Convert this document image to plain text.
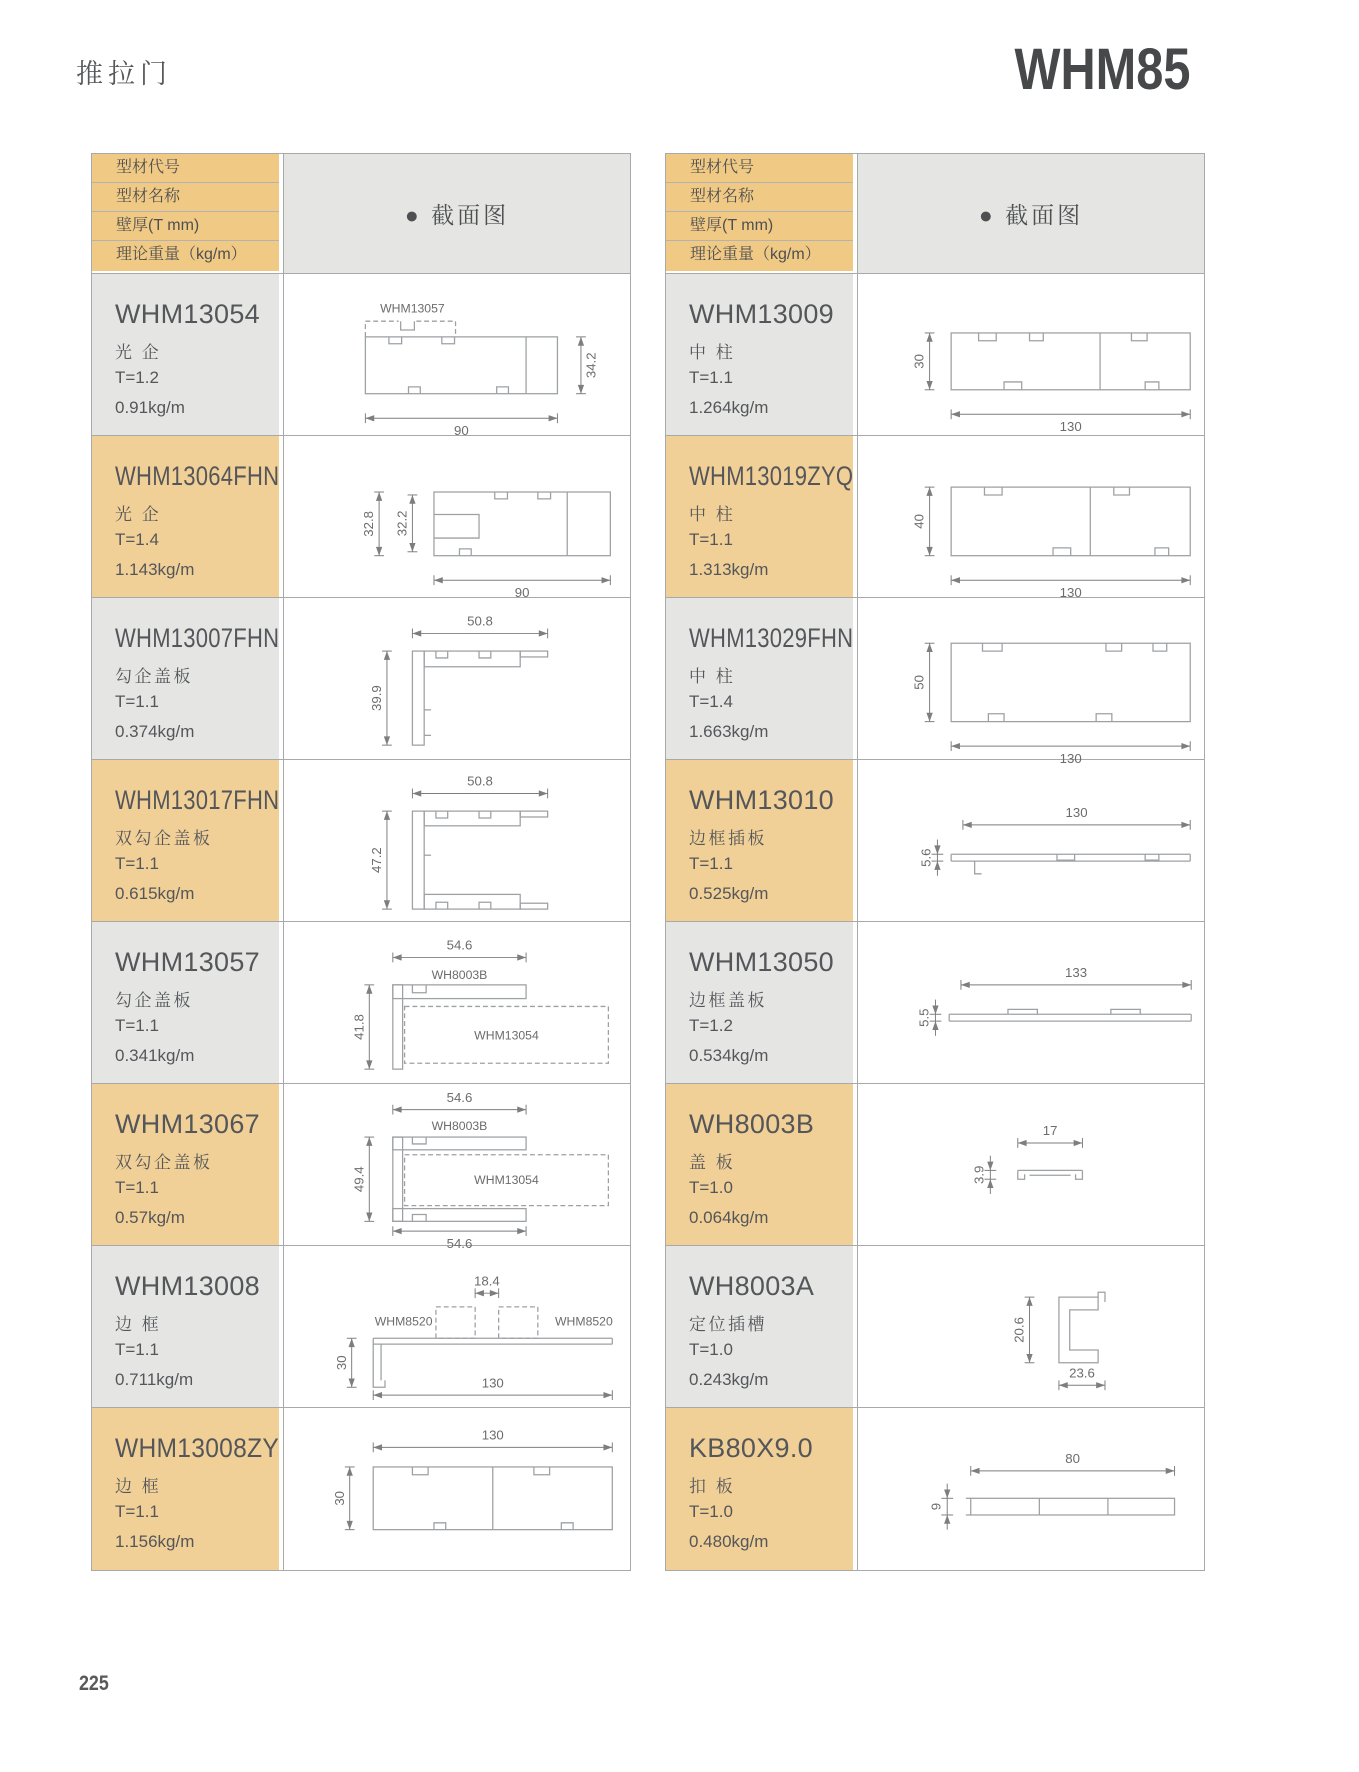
推拉门	WHM85
型材代号
型材名称
壁厚(T mm)
理论重量（kg/m）
● 截面图
WHM13054
光 企
T=1.2
0.91kg/m
WHM13057
34.2
90
WHM13064FHN
光 企
T=1.4
1.143kg/m
32.8 32.2
90
WHM13007FHN
勾企盖板
T=1.1
0.374kg/m
50.8
39.9
WHM13017FHN
双勾企盖板
T=1.1
0.615kg/m
50.8
47.2
WHM13057
勾企盖板
T=1.1
0.341kg/m
54.6
WH8003B
WHM13054
41.8
WHM13067
双勾企盖板
T=1.1
0.57kg/m
54.6
WH8003B
WHM13054
49.4
54.6
WHM13008
边 框
T=1.1
0.711kg/m
18.4
WHM8520	WHM8520
30
130
WHM13008ZY
边 框
T=1.1
1.156kg/m
130
30
型材代号
型材名称
壁厚(T mm)
理论重量（kg/m）
● 截面图
WHM13009
中 柱
T=1.1
1.264kg/m
30
130
WHM13019ZYQ
中 柱
T=1.1
1.313kg/m
40
130
WHM13029FHN
中 柱
T=1.4
1.663kg/m
50
130
WHM13010
边框插板
T=1.1
0.525kg/m
130
5.6
WHM13050
边框盖板
T=1.2
0.534kg/m
133
5.5
WH8003B
盖 板
T=1.0
0.064kg/m
17
3.9
WH8003A
定位插槽
T=1.0
0.243kg/m
20.6
23.6
KB80X9.0
扣 板
T=1.0
0.480kg/m
80
9
225
